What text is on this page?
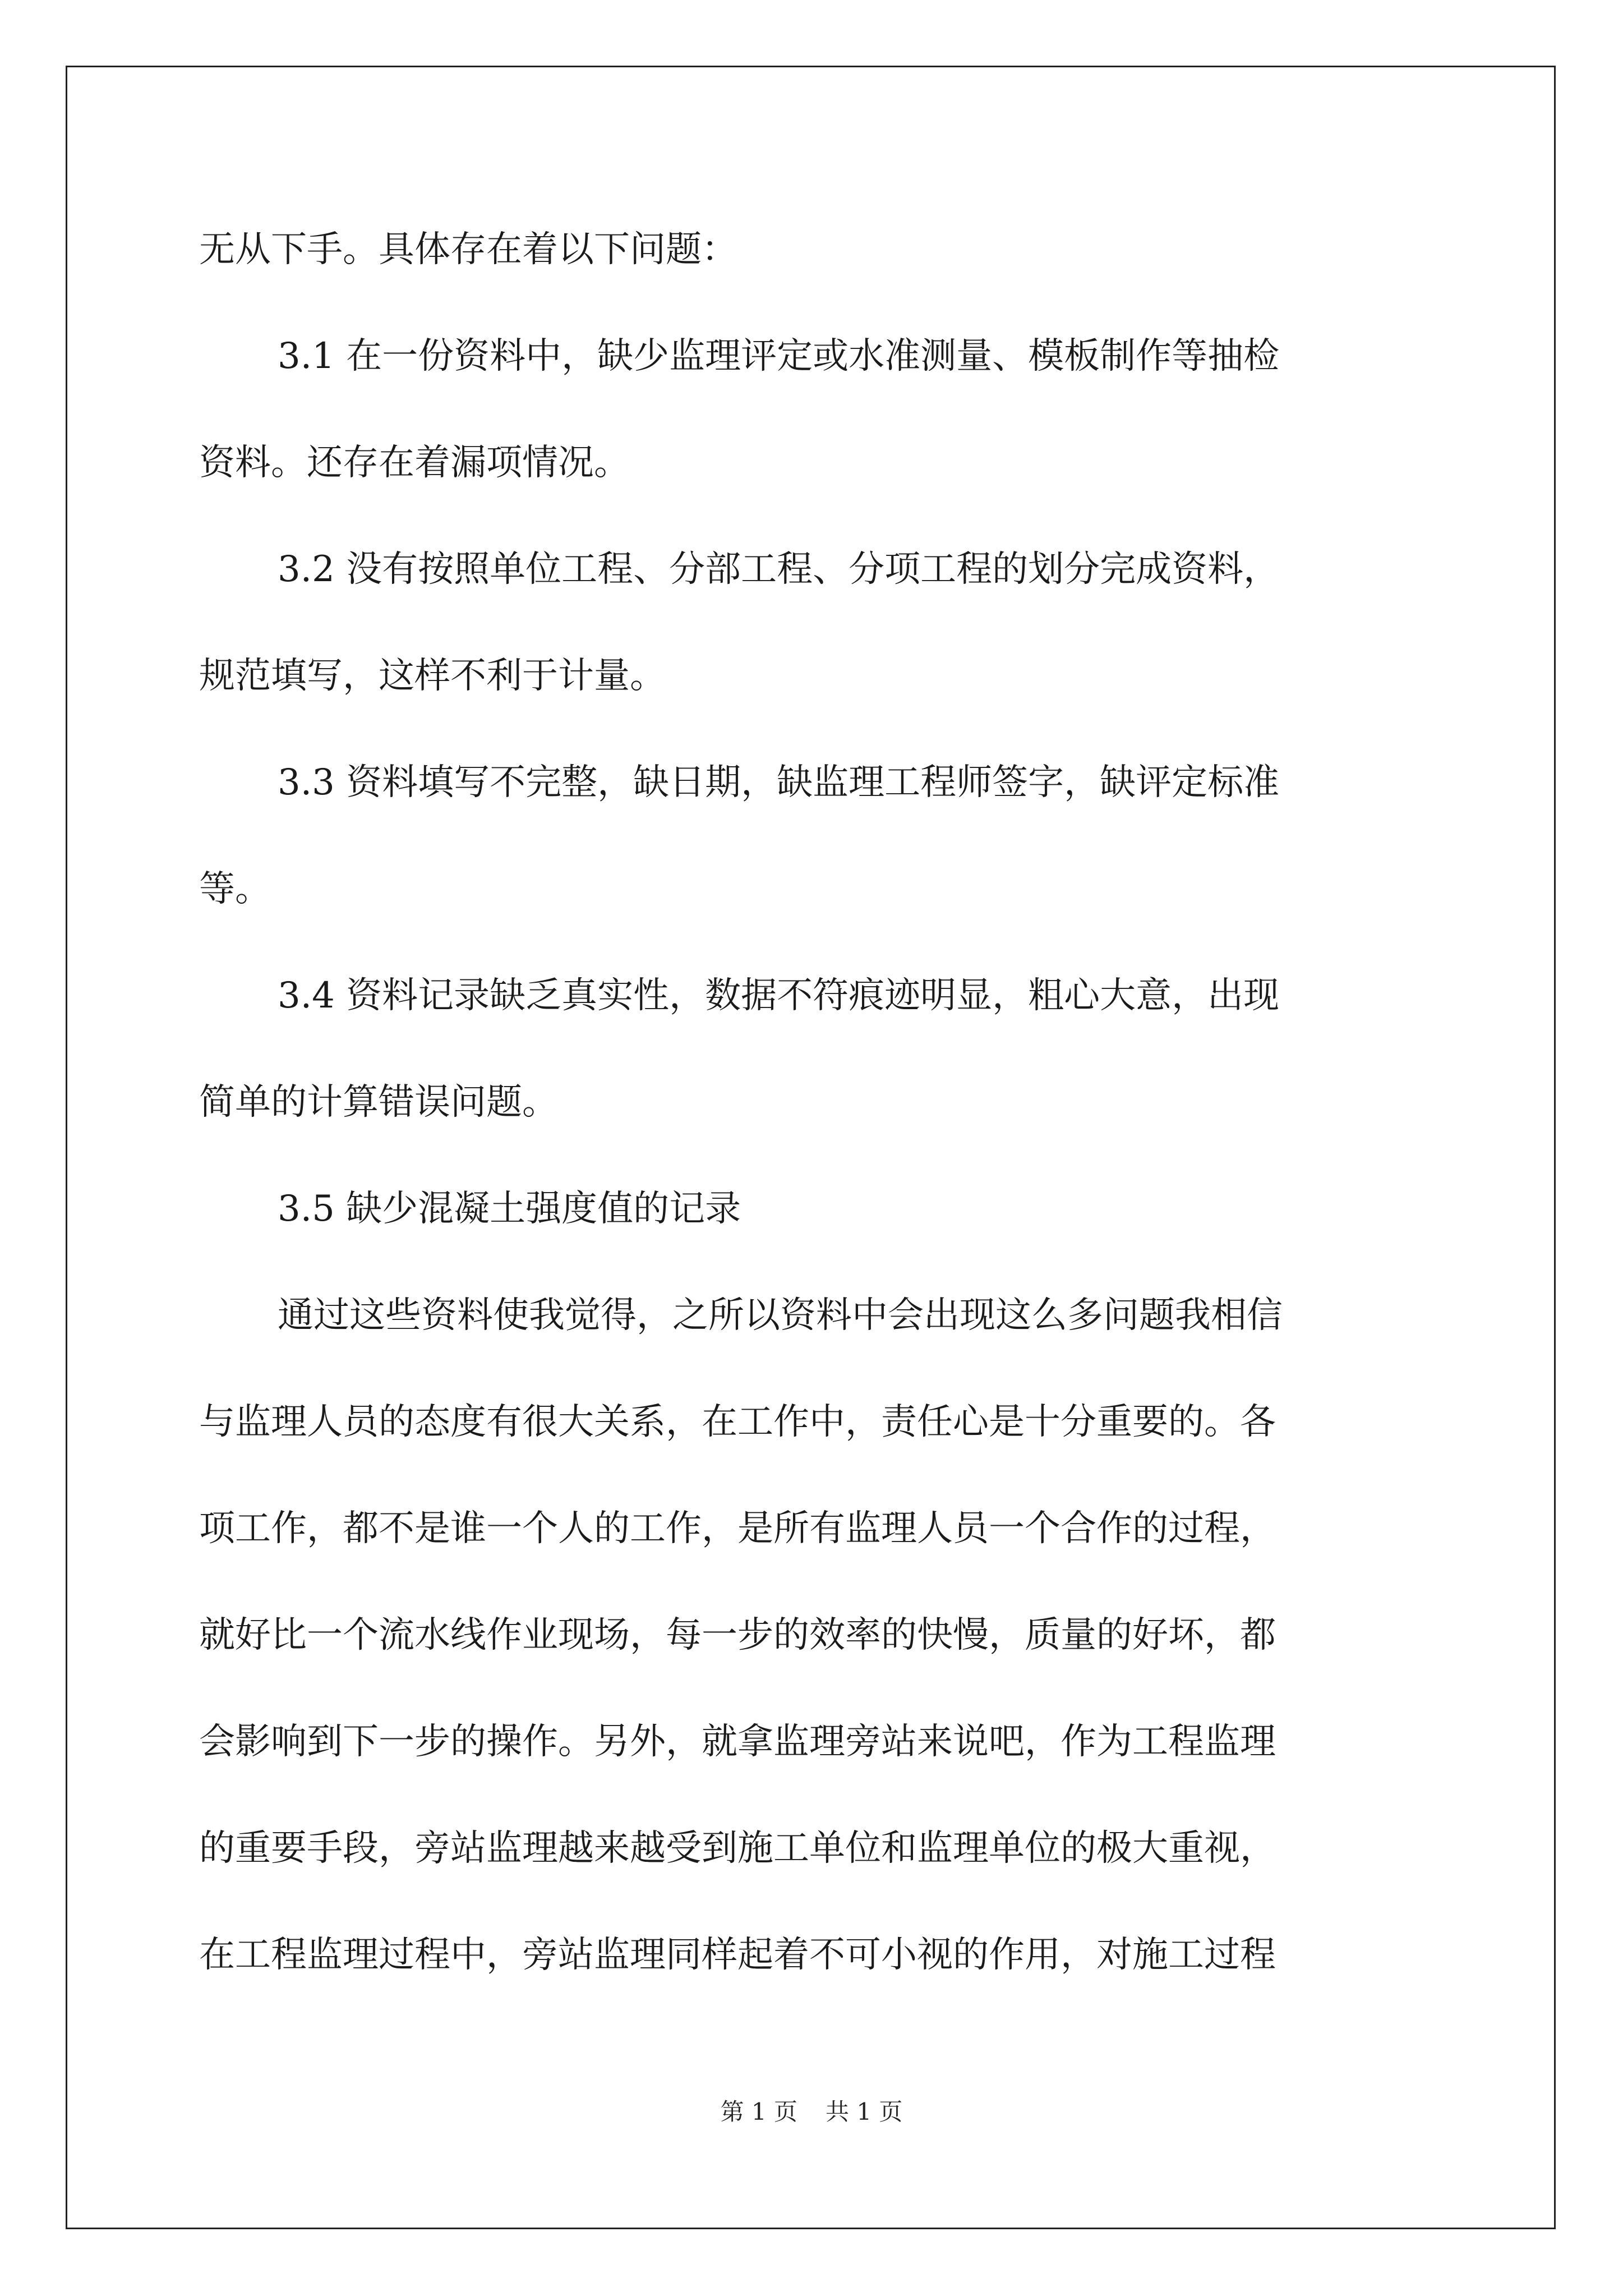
无从下手。具体存在着以下问题：

3.1 在一份资料中，缺少监理评定或水准测量、模板制作等抽检

资料。还存在着漏项情况。

3.2 没有按照单位工程、分部工程、分项工程的划分完成资料，

规范填写，这样不利于计量。

3.3 资料填写不完整，缺日期，缺监理工程师签字，缺评定标准

等。

3.4 资料记录缺乏真实性，数据不符痕迹明显，粗心大意，出现

简单的计算错误问题。

3.5 缺少混凝土强度值的记录

通过这些资料使我觉得，之所以资料中会出现这么多问题我相信

与监理人员的态度有很大关系，在工作中，责任心是十分重要的。各

项工作，都不是谁一个人的工作，是所有监理人员一个合作的过程，

就好比一个流水线作业现场，每一步的效率的快慢，质量的好坏，都

会影响到下一步的操作。另外，就拿监理旁站来说吧，作为工程监理

的重要手段，旁站监理越来越受到施工单位和监理单位的极大重视，

在工程监理过程中，旁站监理同样起着不可小视的作用，对施工过程

第 1 页 共 1 页
